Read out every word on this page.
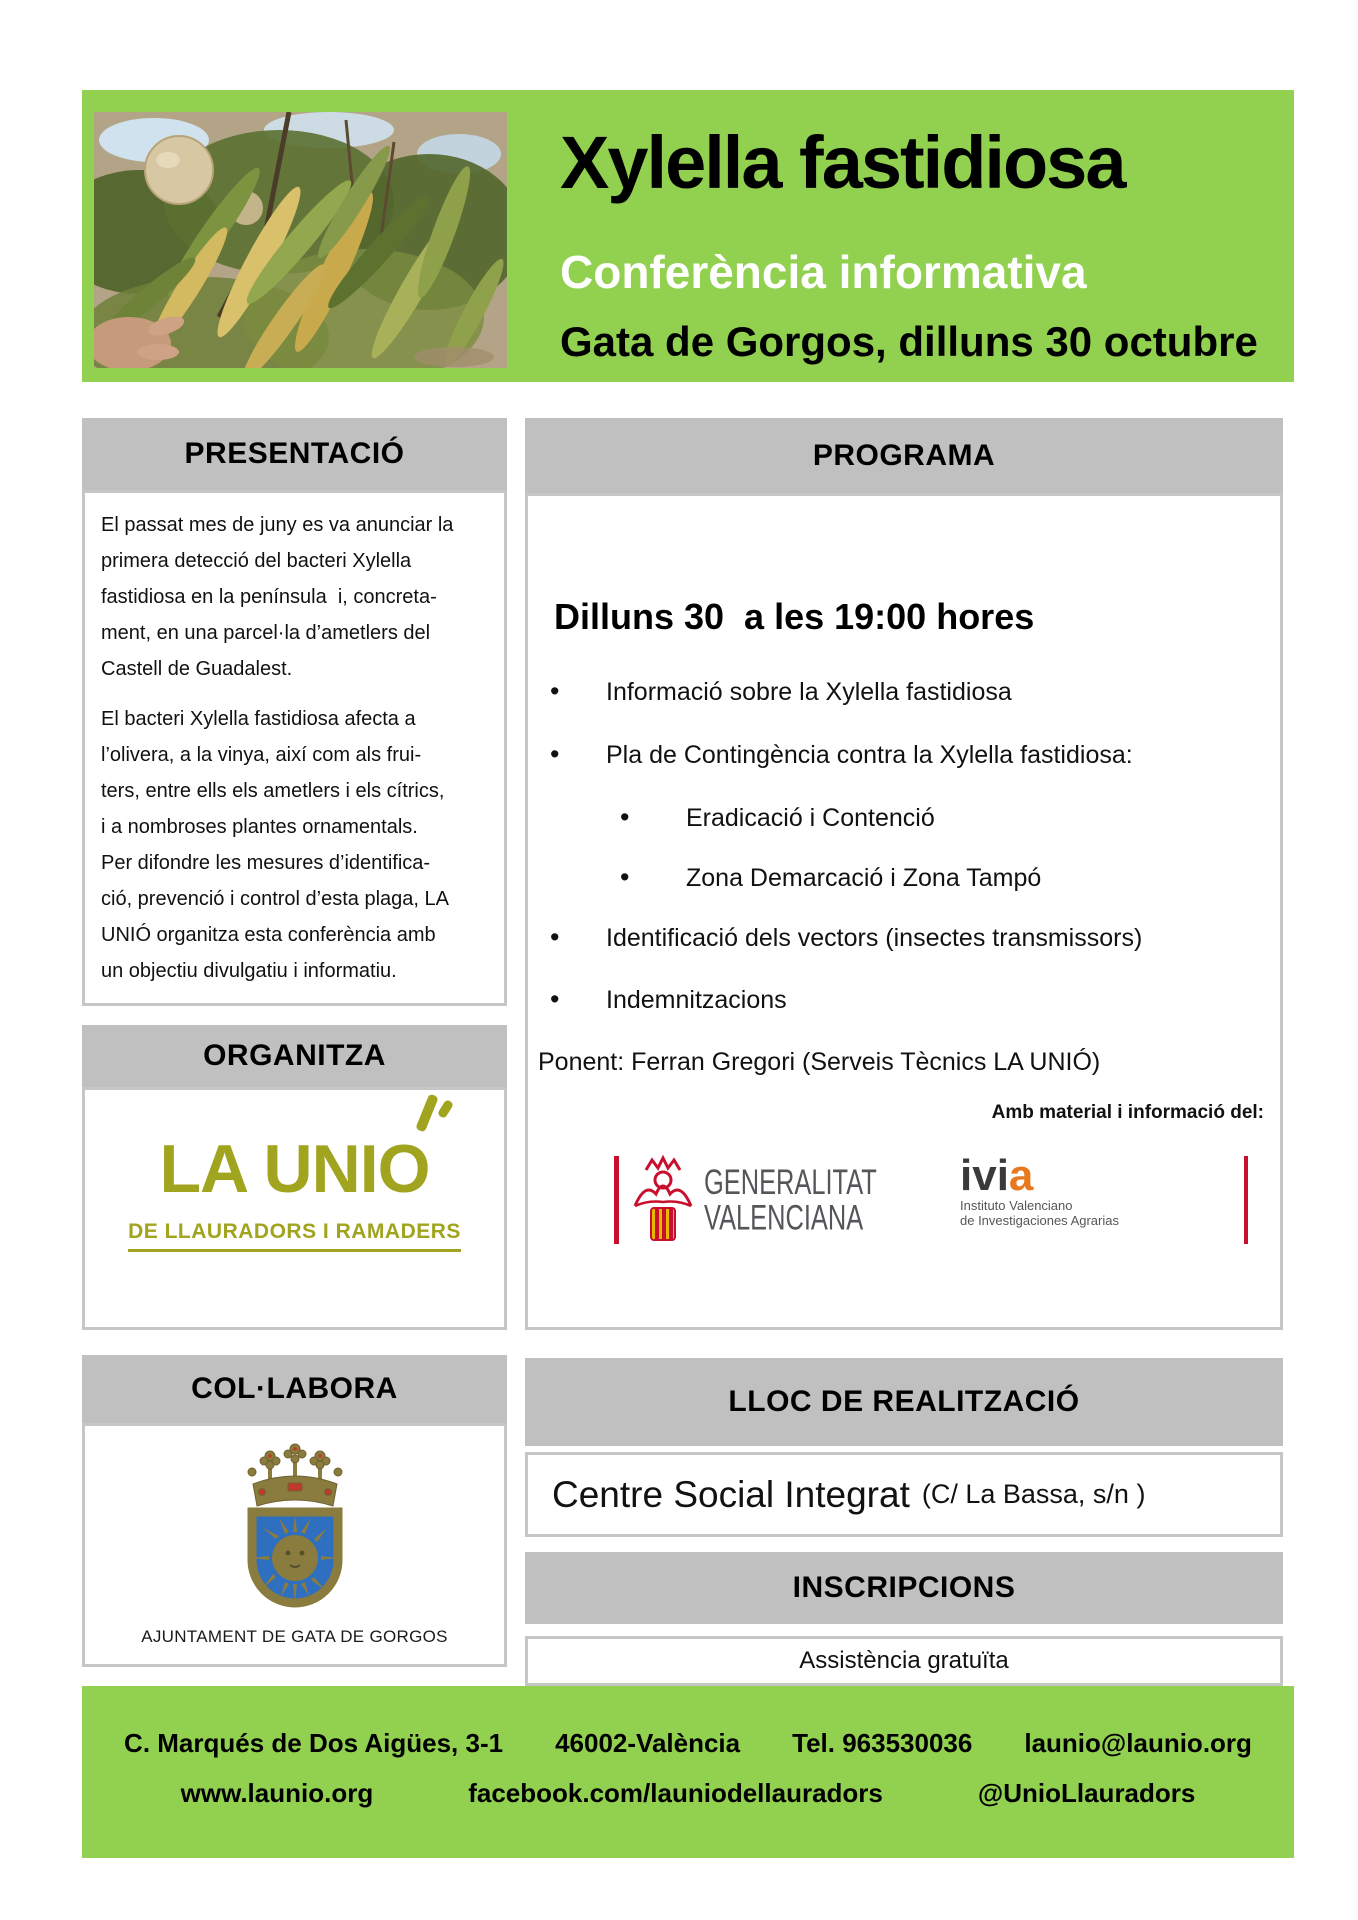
Xylella fastidiosa
Conferència informativa
Gata de Gorgos, dilluns 30 octubre
PRESENTACIÓ
El passat mes de juny es va anunciar la
primera detecció del bacteri Xylella
fastidiosa en la península  i, concreta-
ment, en una parcel·la d’ametlers del
Castell de Guadalest.
El bacteri Xylella fastidiosa afecta a
l’olivera, a la vinya, així com als frui-
ters, entre ells els ametlers i els cítrics,
i a nombroses plantes ornamentals.
Per difondre les mesures d’identifica-
ció, prevenció i control d’esta plaga, LA
UNIÓ organitza esta conferència amb
un objectiu divulgatiu i informatiu.
ORGANITZA
LA UNI
O
DE LLAURADORS I RAMADERS
COL·LABORA
AJUNTAMENT DE GATA DE GORGOS
PROGRAMA
Dilluns 30  a les 19:00 hores
• Informació sobre la Xylella fastidiosa
• Pla de Contingència contra la Xylella fastidiosa:
• Eradicació i Contenció
• Zona Demarcació i Zona Tampó
• Identificació dels vectors (insectes transmissors)
• Indemnitzacions
Ponent: Ferran Gregori (Serveis Tècnics LA UNIÓ)
Amb material i informació del:
GENERALITAT
VALENCIANA
ivia
Instituto Valenciano
de Investigaciones Agrarias
LLOC DE REALITZACIÓ
Centre Social Integrat (C/ La Bassa, s/n )
INSCRIPCIONS
Assistència gratuïta
C. Marqués de Dos Aigües, 3-1 46002-València Tel. 963530036 launio@launio.org
www.launio.org	facebook.com/launiodellauradors	@UnioLlauradors
